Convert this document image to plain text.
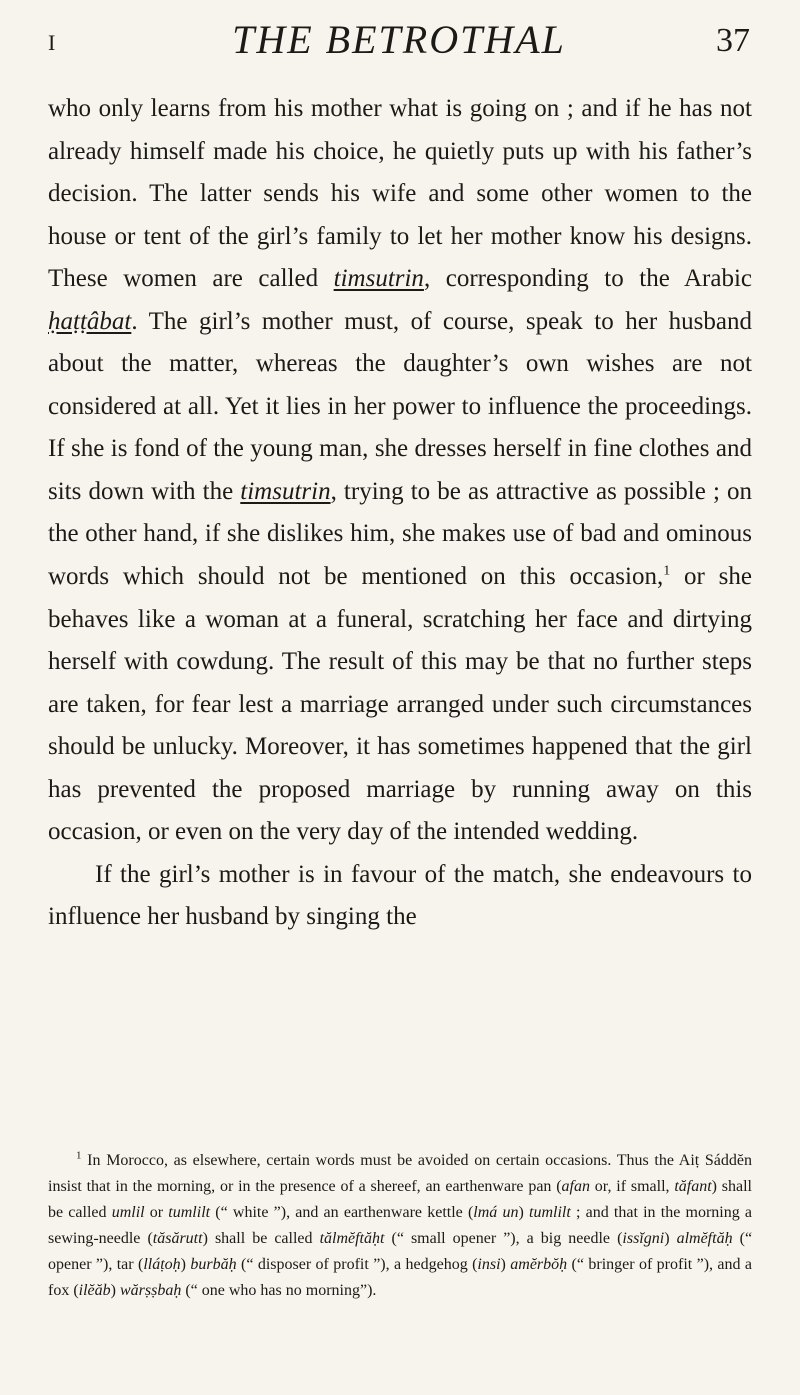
I	THE BETROTHAL	37

who only learns from his mother what is going on ; and if he has not already himself made his choice, he quietly puts up with his father’s decision. The latter sends his wife and some other women to the house or tent of the girl’s family to let her mother know his designs. These women are called timsutrin, corresponding to the Arabic ḥaṭṭâbat. The girl’s mother must, of course, speak to her husband about the matter, whereas the daughter’s own wishes are not considered at all. Yet it lies in her power to influence the proceedings. If she is fond of the young man, she dresses herself in fine clothes and sits down with the timsutrin, trying to be as attractive as possible ; on the other hand, if she dislikes him, she makes use of bad and ominous words which should not be mentioned on this occasion,$^1$ or she behaves like a woman at a funeral, scratching her face and dirtying herself with cowdung. The result of this may be that no further steps are taken, for fear lest a marriage arranged under such circumstances should be unlucky. Moreover, it has sometimes happened that the girl has prevented the proposed marriage by running away on this occasion, or even on the very day of the intended wedding.

If the girl’s mother is in favour of the match, she endeavours to influence her husband by singing the

$^1$ In Morocco, as elsewhere, certain words must be avoided on certain occasions. Thus the Aiṭ Sáddĕn insist that in the morning, or in the presence of a shereef, an earthenware pan (afan or, if small, tăfant) shall be called umlil or tumlilt (“ white ”), and an earthenware kettle (lmá un) tumlilt ; and that in the morning a sewing-needle (tăsărutt) shall be called tălmĕftăḥt (“ small opener ”), a big needle (issĭgni) almĕftăḥ (“ opener ”), tar (lláṭoḥ) burbăḥ (“ disposer of profit ”), a hedgehog (insi) amĕrbŏḥ (“ bringer of profit ”), and a fox (ilĕăb) wărṣṣbaḥ (“ one who has no morning”).
